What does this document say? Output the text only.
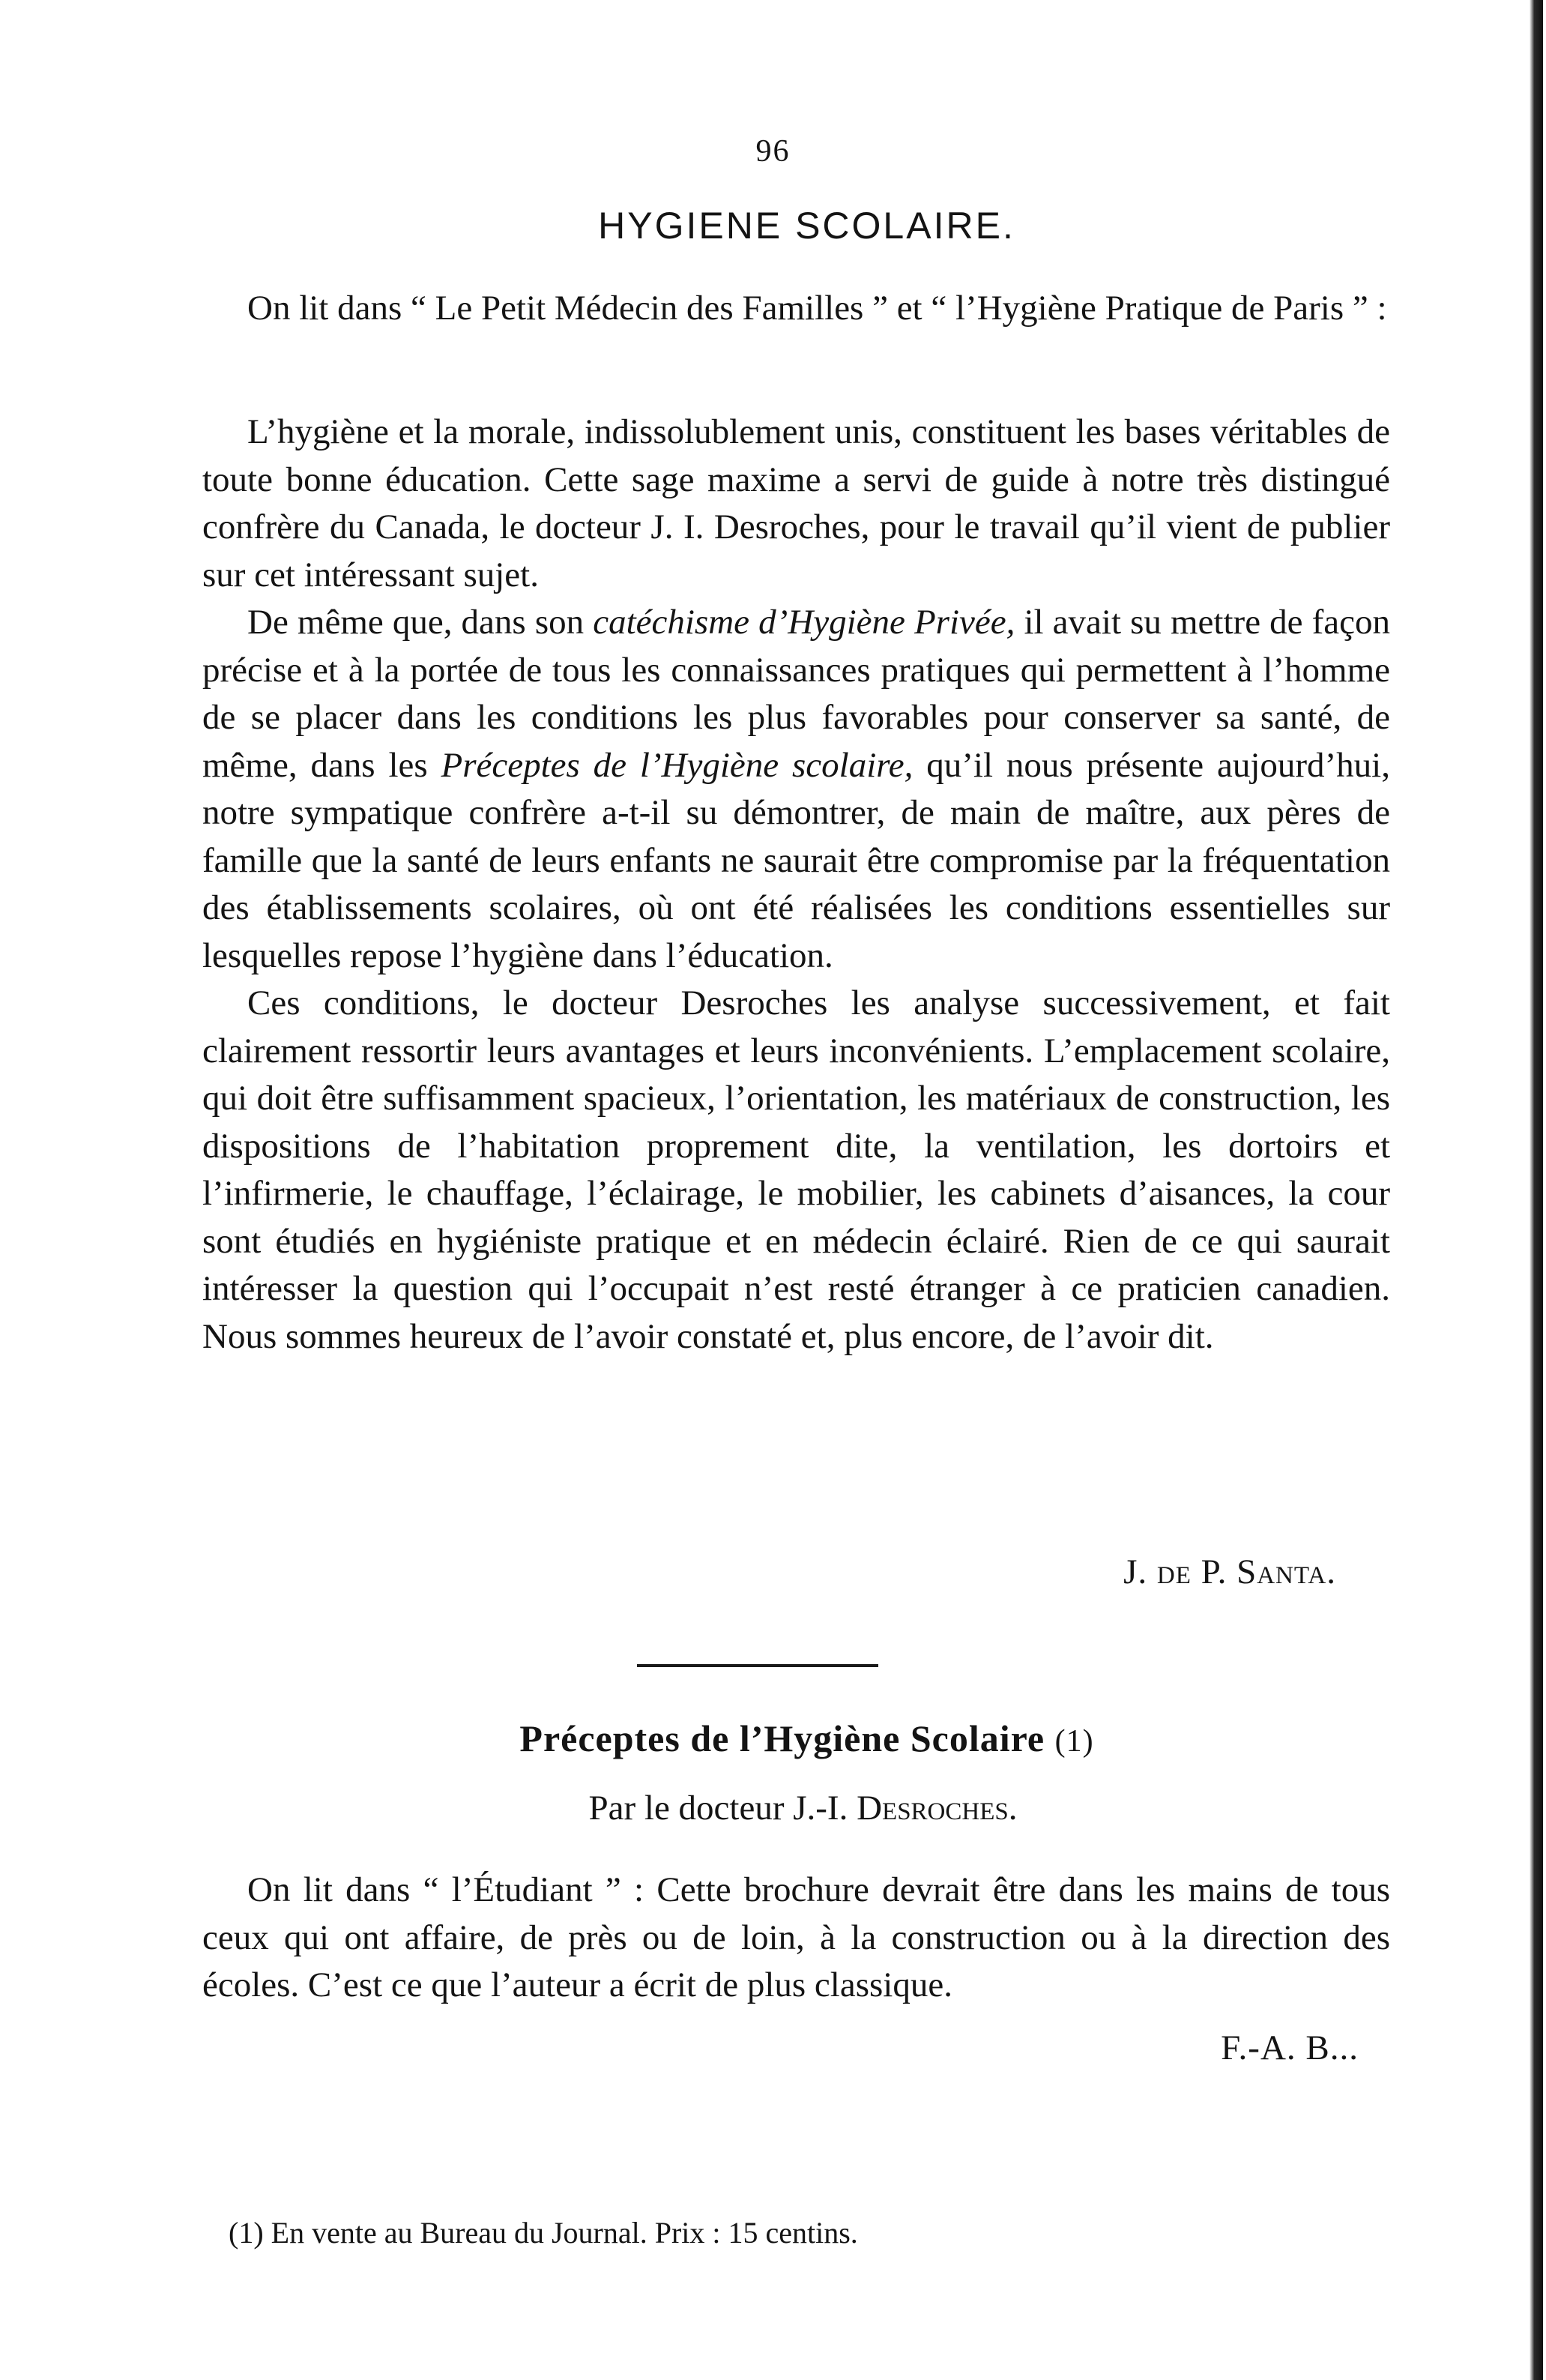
96
HYGIENE SCOLAIRE.

On lit dans “ Le Petit Médecin des Familles ” et “ l’Hygiène Pratique de Paris ” :

L’hygiène et la morale, indissolublement unis, constituent les bases véritables de toute bonne éducation. Cette sage maxime a servi de guide à notre très distingué confrère du Canada, le docteur J. I. Desroches, pour le travail qu’il vient de publier sur cet intéressant sujet.

De même que, dans son catéchisme d’Hygiène Privée, il avait su mettre de façon précise et à la portée de tous les connaissances pratiques qui permettent à l’homme de se placer dans les conditions les plus favorables pour conserver sa santé, de même, dans les Préceptes de l’Hygiène scolaire, qu’il nous présente aujourd’hui, notre sympatique confrère a-t-il su démontrer, de main de maître, aux pères de famille que la santé de leurs enfants ne saurait être compromise par la fréquentation des établissements scolaires, où ont été réalisées les conditions essentielles sur lesquelles repose l’hygiène dans l’éducation.

Ces conditions, le docteur Desroches les analyse successivement, et fait clairement ressortir leurs avantages et leurs inconvénients. L’emplacement scolaire, qui doit être suffisamment spacieux, l’orientation, les matériaux de construction, les dispositions de l’habitation proprement dite, la ventilation, les dortoirs et l’infirmerie, le chauffage, l’éclairage, le mobilier, les cabinets d’aisances, la cour sont étudiés en hygiéniste pratique et en médecin éclairé. Rien de ce qui saurait intéresser la question qui l’occupait n’est resté étranger à ce praticien canadien. Nous sommes heureux de l’avoir constaté et, plus encore, de l’avoir dit.

J. de P. Santa.
Préceptes de l’Hygiène Scolaire (1)
Par le docteur J.-I. Desroches.

On lit dans “ l’Étudiant ” : Cette brochure devrait être dans les mains de tous ceux qui ont affaire, de près ou de loin, à la construction ou à la direction des écoles. C’est ce que l’auteur a écrit de plus classique.

F.-A. B...
(1) En vente au Bureau du Journal. Prix : 15 centins.
